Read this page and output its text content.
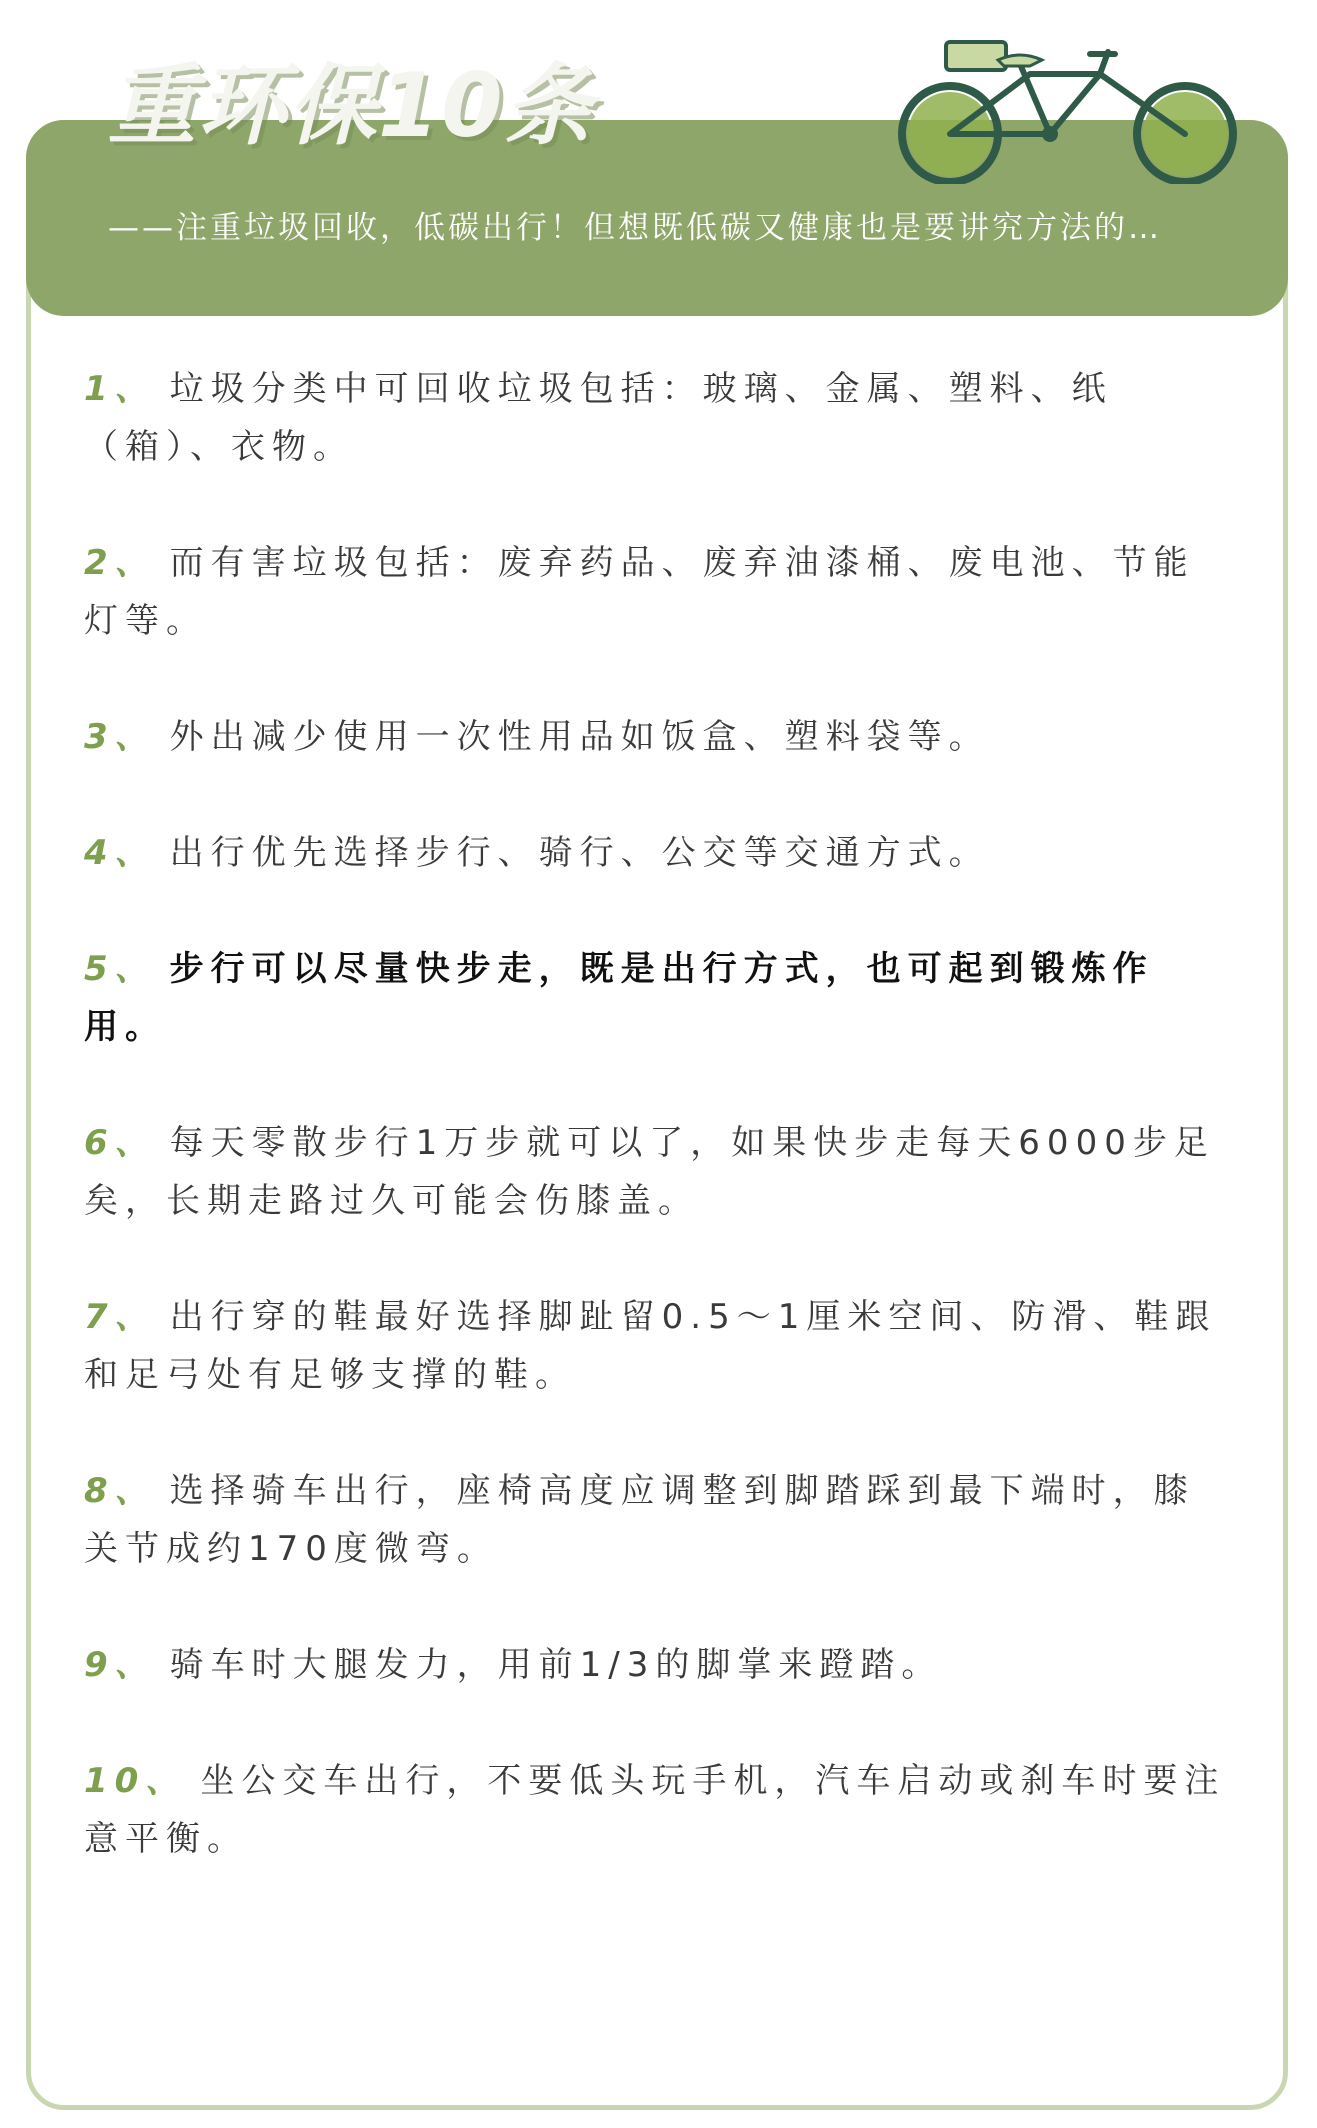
重环保10条

——注重垃圾回收，低碳出行！但想既低碳又健康也是要讲究方法的…

1、 垃圾分类中可回收垃圾包括：玻璃、金属、塑料、纸（箱）、衣物。
2、 而有害垃圾包括：废弃药品、废弃油漆桶、废电池、节能灯等。
3、 外出减少使用一次性用品如饭盒、塑料袋等。
4、 出行优先选择步行、骑行、公交等交通方式。
5、 步行可以尽量快步走，既是出行方式，也可起到锻炼作用。
6、 每天零散步行1万步就可以了，如果快步走每天6000步足矣，长期走路过久可能会伤膝盖。
7、 出行穿的鞋最好选择脚趾留0.5～1厘米空间、防滑、鞋跟和足弓处有足够支撑的鞋。
8、 选择骑车出行，座椅高度应调整到脚踏踩到最下端时，膝关节成约170度微弯。
9、 骑车时大腿发力，用前1/3的脚掌来蹬踏。
10、 坐公交车出行，不要低头玩手机，汽车启动或刹车时要注意平衡。
